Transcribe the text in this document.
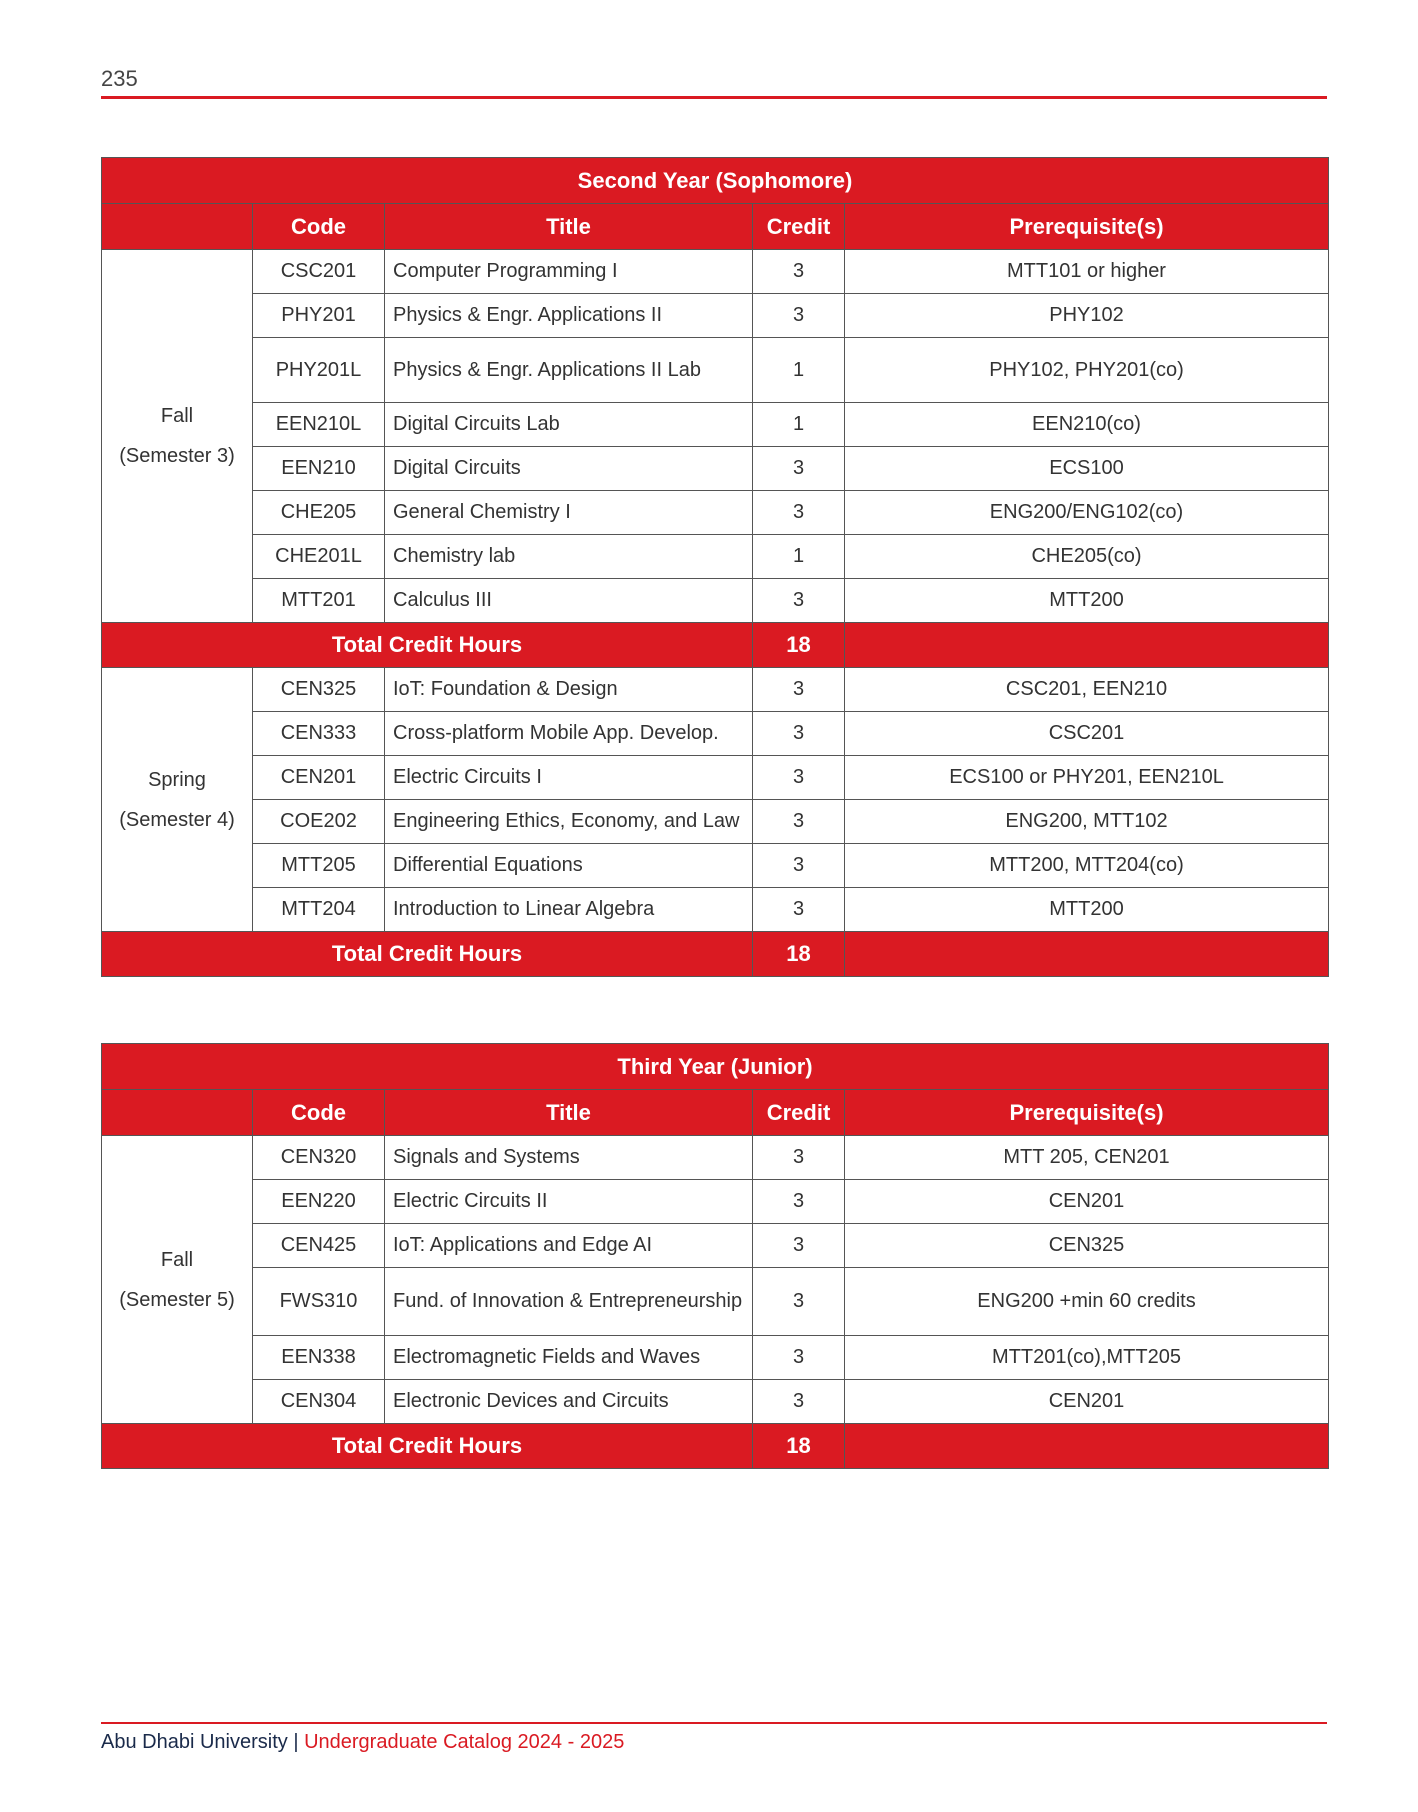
235
Second Year (Sophomore)				
	Code	Title	Credit	Prerequisite(s)

Fall
(Semester 3)	CSC201	Computer Programming I	3	MTT101 or higher
	PHY201	Physics & Engr. Applications II	3	PHY102
	PHY201L	Physics & Engr. Applications II Lab	1	PHY102, PHY201(co)
	EEN210L	Digital Circuits Lab	1	EEN210(co)
	EEN210	Digital Circuits	3	ECS100
	CHE205	General Chemistry I	3	ENG200/ENG102(co)
	CHE201L	Chemistry lab	1	CHE205(co)
	MTT201	Calculus III	3	MTT200
Total Credit Hours			18	

Spring
(Semester 4)	CEN325	IoT: Foundation & Design	3	CSC201, EEN210
	CEN333	Cross-platform Mobile App. Develop.	3	CSC201
	CEN201	Electric Circuits I	3	ECS100 or PHY201, EEN210L
	COE202	Engineering Ethics, Economy, and Law	3	ENG200, MTT102
	MTT205	Differential Equations	3	MTT200, MTT204(co)
	MTT204	Introduction to Linear Algebra	3	MTT200
Total Credit Hours			18	
Third Year (Junior)				
	Code	Title	Credit	Prerequisite(s)

Fall
(Semester 5)	CEN320	Signals and Systems	3	MTT 205, CEN201
	EEN220	Electric Circuits II	3	CEN201
	CEN425	IoT: Applications and Edge AI	3	CEN325
	FWS310	Fund. of Innovation & Entrepreneurship	3	ENG200 +min 60 credits
	EEN338	Electromagnetic Fields and Waves	3	MTT201(co),MTT205
	CEN304	Electronic Devices and Circuits	3	CEN201
Total Credit Hours			18	
Abu Dhabi University | Undergraduate Catalog 2024 - 2025
